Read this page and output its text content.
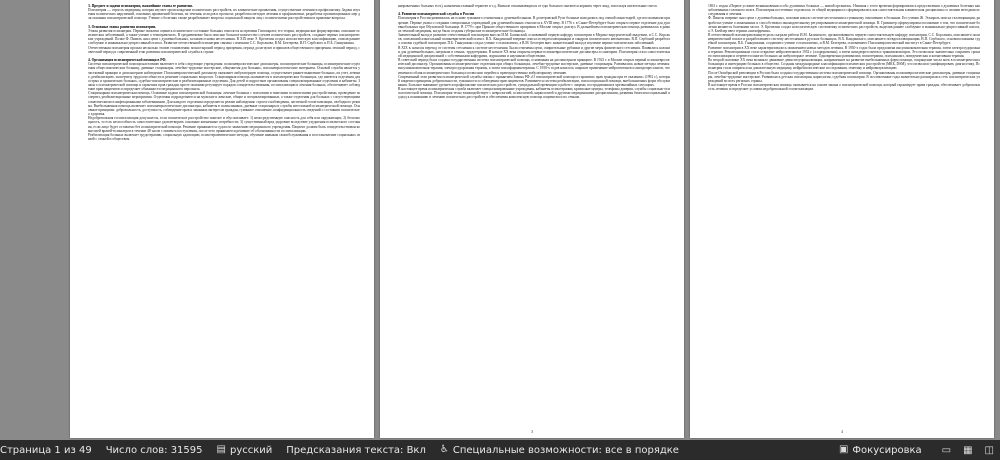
3. Предмет и задачи психиатрии, важнейшие этапы ее развития.
Психиатрия — отрасль медицины, которая изучает происхождение психических расстройств, их клинические проявления, осуществление лечения и профилактику. Задачи изучения психических нарушений, основных проявлений болезни, их течения, исходов и прогноза; разработка методов лечения и профилактики, разработка организационных мер для оказания психиатрической помощи. Учение о болезнях также разрабатывает вопросы социальной защиты лиц с психическими расстройствами и правовые вопросы.

3. Основные этапы развития психиатрии.
Этапы развития психиатрии. Первые попытки оценить психическое состояние больных относятся ко времени Гиппократа; его теория, медицинские формулировки, описание психических заболеваний, а также учение о темпераментах. В средневековье было описано большое количество случаев психических расстройств, создание первых психиатрических учреждений. Позже Ф. Пинель снял цепи с душевнобольных, заложив основы нестеснения. В XIX веке Э. Крепелин создал нозологическую классификацию, описав раннее слабоумие и маниакально-депрессивный психоз. Развитие отечественной психиатрии связано с именами С.С. Корсакова, В.М. Бехтерева, В.П. Сербского и П.Б. Ганнушкина.
Отечественная психиатрия прошла несколько этапов становления: монастырский период призрения, период доллгаузов и приказов общественного призрения, земский период, советский период и современный этап развития психиатрической службы в стране.

4. Организация психиатрической помощи в РФ.
Система психиатрической помощи населению включает в себя следующие учреждения: психоневрологические диспансеры, психиатрические больницы, психиатрические отделения общесоматических больниц, дневные стационары, лечебно-трудовые мастерские, общежития для больных, психоневрологические интернаты. Основой службы является участковый принцип и диспансерное наблюдение. Психоневрологический диспансер оказывает амбулаторную помощь, осуществляет раннее выявление больных, их учет, лечение, реабилитацию, экспертизу трудоспособности и решение социальных вопросов. Стационарная помощь оказывается в психиатрических больницах, где имеются отделения для острых и хронических больных, судебно-психиатрические и реабилитационные отделения. Для детей и подростков организованы специализированные отделения и кабинеты. Закон о психиатрической помощи и гарантиях прав граждан при ее оказании регулирует порядок освидетельствования, госпитализации и лечения больных, обеспечивает соблюдение прав пациентов и определяет обязанности медицинского персонала.
Стационарная психиатрическая помощь. Основные задачи психиатрической больницы: лечение больных с психозами и тяжелыми психическими расстройствами, проведение экспертиз, реабилитационные мероприятия. Отделения подразделяются на мужские и женские, общие и специализированные, а также отделения для больных с сопутствующими соматическими и инфекционными заболеваниями. Для каждого отделения определяется режим наблюдения: строгого наблюдения, частичной госпитализации, свободного режима. Внебольничная помощь включает психоневрологические диспансеры, кабинеты в поликлиниках, дневные стационары и службы неотложной психиатрической помощи. Основные принципы: добровольность, доступность, соблюдение прав и законных интересов граждан, гуманное отношение, конфиденциальность сведений о состоянии психического здоровья.
Недобровольная госпитализация допускается, если психическое расстройство тяжелое и обусловливает: 1) непосредственную опасность для себя или окружающих; 2) беспомощность, то есть неспособность самостоятельно удовлетворять основные жизненные потребности; 3) существенный вред здоровью вследствие ухудшения психического состояния, если лицо будет оставлено без психиатрической помощи. Решение принимается судом по заявлению медицинского учреждения. Пациент должен быть освидетельствован комиссией врачей-психиатров в течение 48 часов с момента поступления, после чего принимается решение об обоснованности госпитализации.
Реабилитация больных включает трудотерапию, социальную адаптацию, психотерапевтические методы, обучение навыкам самообслуживания и восстановление социальных связей с семьей и обществом.
направленных больных есть), назначены главный терапевт и т.д. Вначале отказывающихся от еды больного пытаются кормить через зонд, используя питательные смеси.

4. Развитие психиатрической службы в России
Психиатрия в России развивалась на основе гуманного отношения к душевнобольным. В допетровской Руси больные находились под опекой монастырей, где им оказывали призрение. Первые указы о создании специальных учреждений для душевнобольных относятся к XVIII веку. В 1776 г. в Санкт-Петербурге было открыто первое отделение для душевнобольных при Обуховской больнице. В 1779 г. при Приказе общественного призрения в Москве открыт долгауз. В дальнейшем психиатрическая помощь развивалась в рамках земской медицины, когда были созданы губернские психиатрические больницы.
Значительный вклад в развитие отечественной психиатрии внесли И.М. Балинский, основавший первую кафедру психиатрии в Медико-хирургической академии, и С.С. Корсаков, описавший алкогольный полиневритический психоз. В.Х. Кандинский впервые описал псевдогаллюцинации и синдром психического автоматизма. В.П. Сербский разработал основы судебной психиатрии. П.Б. Ганнушкин создал учение о психопатиях, а В.М. Бехтерев внес значительный вклад в изучение нервно-психических заболеваний.
В XIX в. начался переход от системы стеснения к системе нестеснения. Были отменены цепи, смирительные рубашки и другие меры физического стеснения. Появились колонии для душевнобольных, патронаж в семьях, трудотерапия. В начале XX века открыты первые психоневрологические диспансеры и санатории. Психиатрия стала самостоятельной медицинской дисциплиной с собственными кафедрами, журналами и научными обществами.
В советский период была создана государственная система психиатрической помощи, основанная на диспансерном принципе. В 1923 г. в Москве открыт первый психоневрологический диспансер. Организованы психиатрические отделения при общих больницах, лечебно-трудовые мастерские, дневные стационары. Развивались новые методы лечения: инсулинокоматозная терапия, электросудорожная терапия, а затем психофармакотерапия. С 1950-х годов началось широкое применение нейролептиков и антидепрессантов, что изменило облик психиатрических больниц и позволило перейти к преимущественно амбулаторному лечению.
Современный этап развития психиатрической службы связан с принятием Закона РФ «О психиатрической помощи и гарантиях прав граждан при ее оказании» (1992 г.), который закрепил принципы добровольности, гуманности и соблюдения прав пациентов. Развивается система реабилитации, психосоциальной помощи, внебольничных форм обслуживания. Большое внимание уделяется профилактике психических расстройств, суицидальной превенции и работе с лицами, пострадавшими в чрезвычайных ситуациях.
В настоящее время психиатрическая служба включает специализированные учреждения, кабинеты психотерапии, кризисные центры, телефоны доверия, службы социально-психологической помощи. Психиатрия тесно взаимодействует с неврологией, психологией, наркологией и другими медицинскими дисциплинами, развивая биопсихосоциальный подход к пониманию и лечению психических расстройств и обеспечивая комплексную помощь пациентам и их семьям.
3
1861 г. издан «Первое условие возникновения особо душевных больных — живой организм». Начиная с этого времени формировались представления о душевных болезнях как заболеваниях головного мозга. Психиатрия постепенно отделилась от общей медицины и сформировалась как самостоятельная клиническая дисциплина со своими методами исследования и лечения.
Ф. Пинель впервые снял цепи с душевнобольных, положив начало системе нестеснения и гуманному отношению к больным. Его ученик Ж. Эскироль описал галлюцинации, разработал учение о мономаниях и способствовал законодательному регулированию психиатрической помощи. В. Гризингер сформулировал положение о том, что психические болезни являются болезнями мозга. Э. Крепелин создал нозологическую систематику психических расстройств, выделив раннее слабоумие и маниакально-депрессивный психоз, а Э. Блейлер ввел термин «шизофрения».
В отечественной психиатрии важную роль сыграли работы И.М. Балинского, организовавшего первую самостоятельную кафедру психиатрии, С.С. Корсакова, описавшего полиневритический психоз и разработавшего систему нестеснения в русских больницах, В.Х. Кандинского, описавшего псевдогаллюцинации, В.П. Сербского, основоположника судебной психиатрии, П.Б. Ганнушкина, создавшего учение о психопатиях, и В.М. Бехтерева, основавшего Психоневрологический институт в Санкт-Петербурге.
Развитие психиатрии в XX веке характеризовалось появлением новых методов лечения. В 1930-х годах была предложена инсулинокоматозная терапия, затем электросудорожная терапия. Революционным стало открытие нейролептиков в 1952 г. (хлорпромазин), а затем антидепрессантов и транквилизаторов. Это позволило значительно сократить сроки госпитализации и перевести многих больных на амбулаторное лечение. Одновременно развивались психотерапия, психоанализ, поведенческая и когнитивная терапия.
Во второй половине XX века возникло движение деинституционализации, направленное на развитие внебольничных форм помощи, сокращение числа коек в психиатрических больницах и интеграцию больных в общество. Созданы международные классификации психических расстройств (МКБ, DSM), что позволило унифицировать диагностику. Психиатрия стала опираться на доказательную медицину, нейробиологические исследования, генетику и нейровизуализацию.
После Октябрьской революции в России была создана государственная система психиатрической помощи. Организованы психоневрологические диспансеры, дневные стационары, лечебно-трудовые мастерские. Развивалась детская психиатрия, наркология, судебная психиатрия. В послевоенные годы значительно расширилась сеть психиатрических учреждений во всех регионах страны.
В настоящее время в России психиатрическая помощь оказывается на основе закона о психиатрической помощи, который гарантирует права граждан, обеспечивает добровольность лечения и определяет условия недобровольной госпитализации.
4
Страница 1 из 49 Число слов: 31595 ▤ русский Предсказания текста: Вкл ♿ Специальные возможности: все в порядке	▣ Фокусировка	▭	▦	◫
